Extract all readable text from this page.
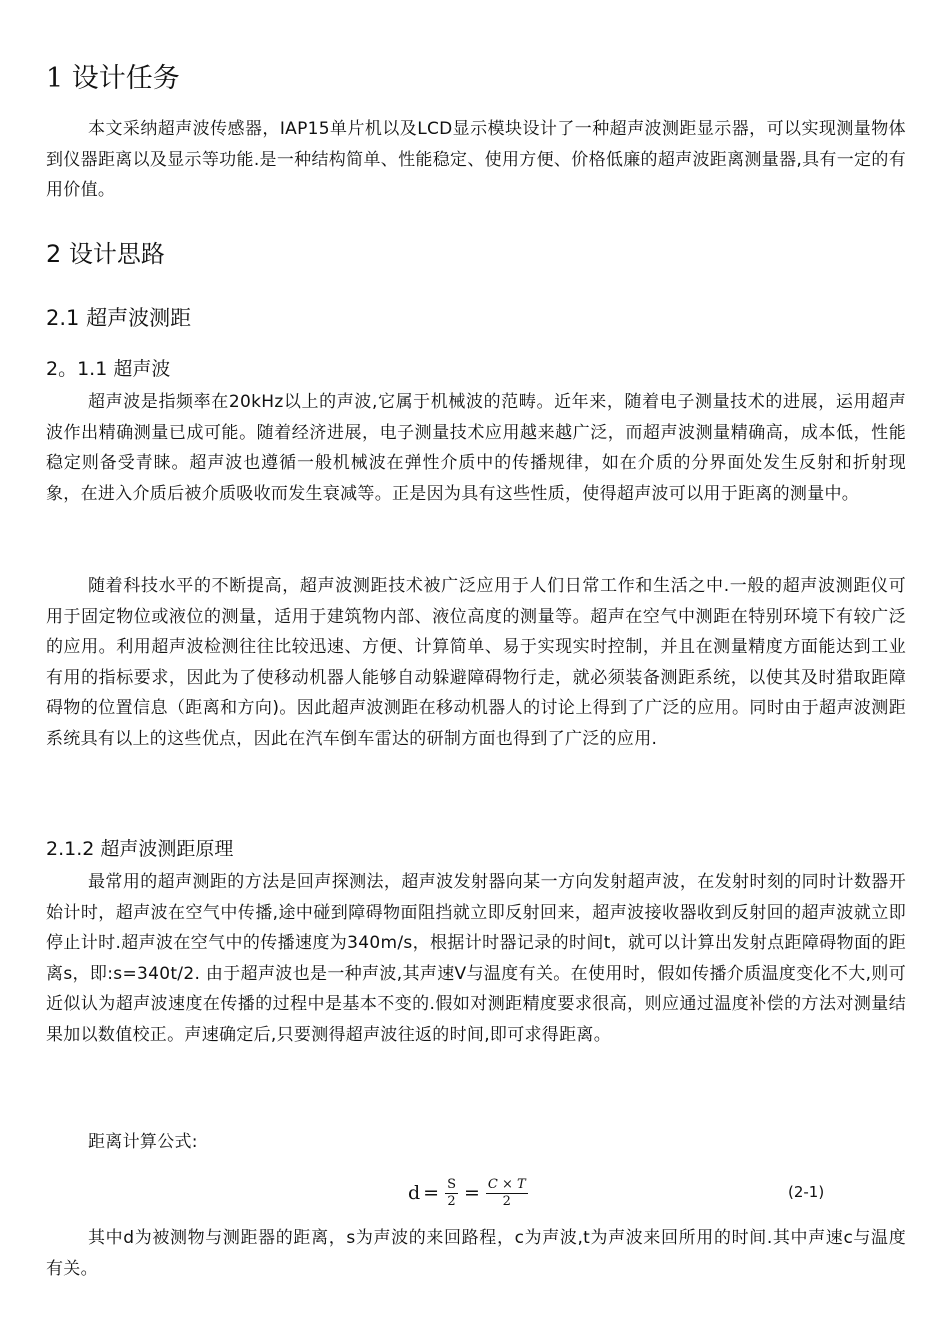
1 设计任务

本文采纳超声波传感器，IAP15单片机以及LCD显示模块设计了一种超声波测距显示器，可以实现测量物体到仪器距离以及显示等功能.是一种结构简单、性能稳定、使用方便、价格低廉的超声波距离测量器,具有一定的有用价值。

2 设计思路
2.1 超声波测距
2。1.1 超声波

超声波是指频率在20kHz以上的声波,它属于机械波的范畴。近年来，随着电子测量技术的进展，运用超声波作出精确测量已成可能。随着经济进展，电子测量技术应用越来越广泛，而超声波测量精确高，成本低，性能稳定则备受青睐。超声波也遵循一般机械波在弹性介质中的传播规律，如在介质的分界面处发生反射和折射现象，在进入介质后被介质吸收而发生衰减等。正是因为具有这些性质，使得超声波可以用于距离的测量中。

随着科技水平的不断提高，超声波测距技术被广泛应用于人们日常工作和生活之中.一般的超声波测距仪可用于固定物位或液位的测量，适用于建筑物内部、液位高度的测量等。超声在空气中测距在特别环境下有较广泛的应用。利用超声波检测往往比较迅速、方便、计算简单、易于实现实时控制，并且在测量精度方面能达到工业有用的指标要求，因此为了使移动机器人能够自动躲避障碍物行走，就必须装备测距系统，以使其及时猎取距障碍物的位置信息（距离和方向)。因此超声波测距在移动机器人的讨论上得到了广泛的应用。同时由于超声波测距系统具有以上的这些优点，因此在汽车倒车雷达的研制方面也得到了广泛的应用.

2.1.2 超声波测距原理

最常用的超声测距的方法是回声探测法，超声波发射器向某一方向发射超声波，在发射时刻的同时计数器开始计时，超声波在空气中传播,途中碰到障碍物面阻挡就立即反射回来，超声波接收器收到反射回的超声波就立即停止计时.超声波在空气中的传播速度为340m/s，根据计时器记录的时间t，就可以计算出发射点距障碍物面的距离s，即:s=340t/2. 由于超声波也是一种声波,其声速V与温度有关。在使用时，假如传播介质温度变化不大,则可近似认为超声波速度在传播的过程中是基本不变的.假如对测距精度要求很高，则应通过温度补偿的方法对测量结果加以数值校正。声速确定后,只要测得超声波往返的时间,即可求得距离。

距离计算公式:

$d = \frac{S}{2} = \frac{C \times T}{2}$	(2-1)

其中d为被测物与测距器的距离，s为声波的来回路程，c为声波,t为声波来回所用的时间.其中声速c与温度有关。
